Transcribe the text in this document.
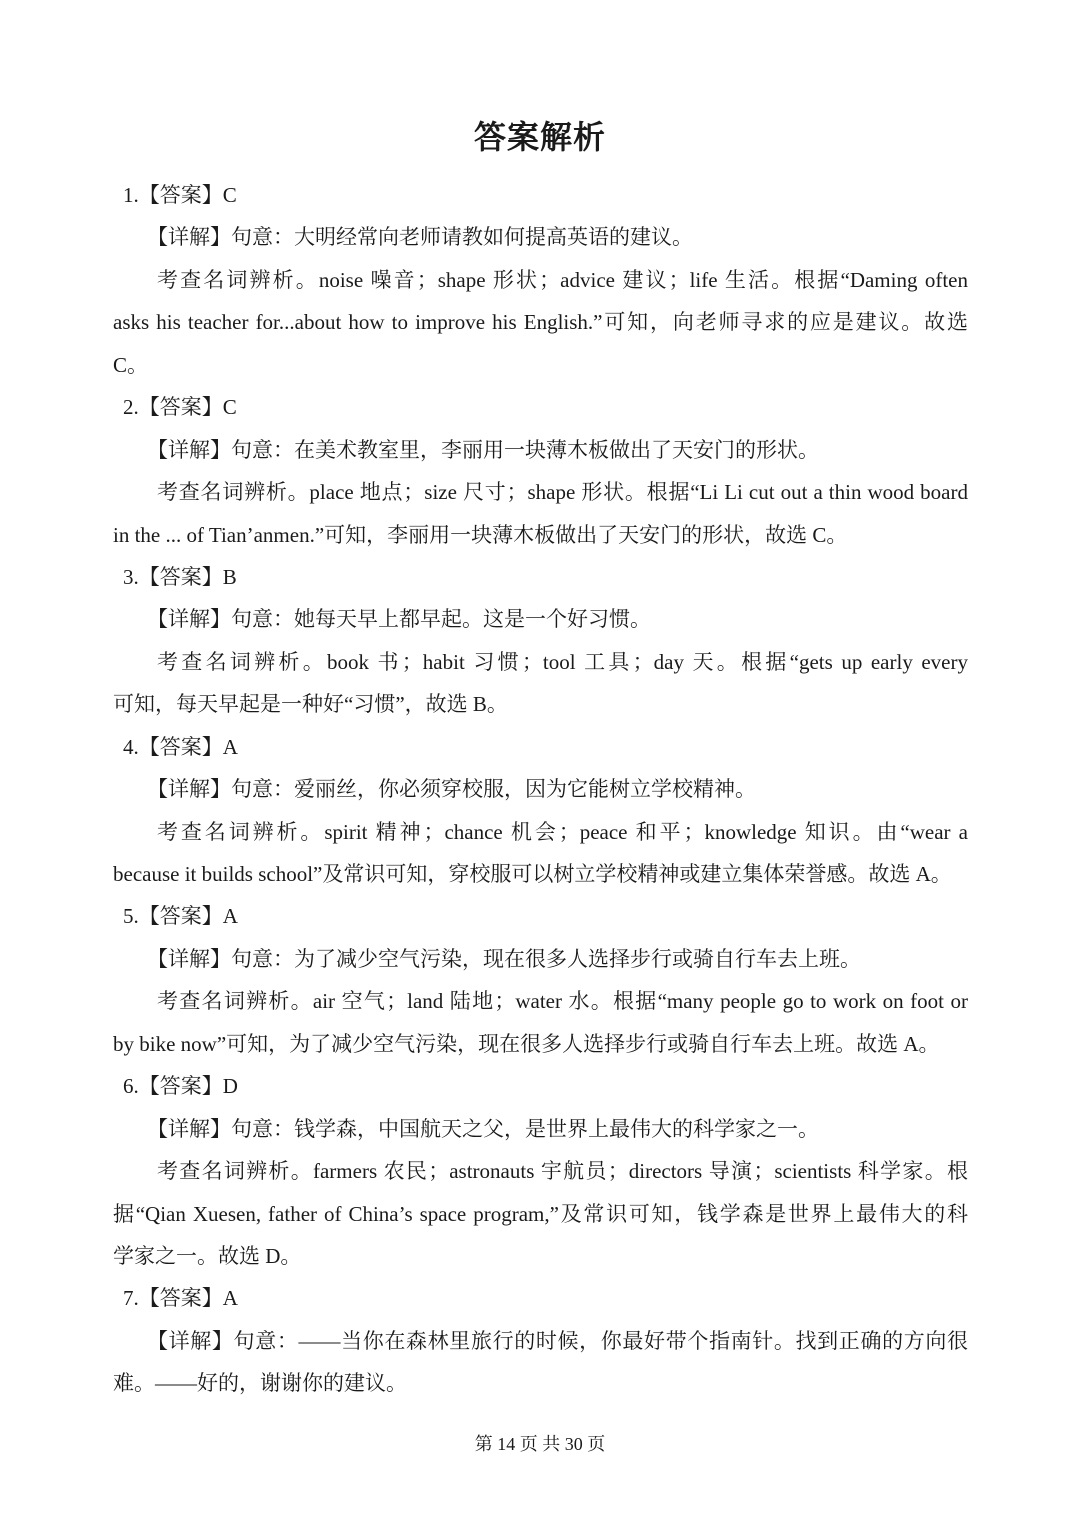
答案解析
1.【答案】C
【详解】句意：大明经常向老师请教如何提高英语的建议。
考查名词辨析。noise 噪音；shape 形状；advice 建议；life 生活。根据“Daming often
asks his teacher for...about how to improve his English.”可知，向老师寻求的应是建议。故选
C。
2.【答案】C
【详解】句意：在美术教室里，李丽用一块薄木板做出了天安门的形状。
考查名词辨析。place 地点；size 尺寸；shape 形状。根据“Li Li cut out a thin wood board
in the ... of Tian’anmen.”可知，李丽用一块薄木板做出了天安门的形状，故选 C。
3.【答案】B
【详解】句意：她每天早上都早起。这是一个好习惯。
考查名词辨析。book 书；habit 习惯；tool 工具；day 天。根据“gets up early every
可知，每天早起是一种好“习惯”，故选 B。
4.【答案】A
【详解】句意：爱丽丝，你必须穿校服，因为它能树立学校精神。
考查名词辨析。spirit 精神；chance 机会；peace 和平；knowledge 知识。由“wear a
because it builds school”及常识可知，穿校服可以树立学校精神或建立集体荣誉感。故选 A。
5.【答案】A
【详解】句意：为了减少空气污染，现在很多人选择步行或骑自行车去上班。
考查名词辨析。air 空气；land 陆地；water 水。根据“many people go to work on foot or
by bike now”可知，为了减少空气污染，现在很多人选择步行或骑自行车去上班。故选 A。
6.【答案】D
【详解】句意：钱学森，中国航天之父，是世界上最伟大的科学家之一。
考查名词辨析。farmers 农民；astronauts 宇航员；directors 导演；scientists 科学家。根
据“Qian Xuesen, father of China’s space program,”及常识可知，钱学森是世界上最伟大的科
学家之一。故选 D。
7.【答案】A
【详解】句意：——当你在森林里旅行的时候，你最好带个指南针。找到正确的方向很
难。——好的，谢谢你的建议。
第 14 页 共 30 页
